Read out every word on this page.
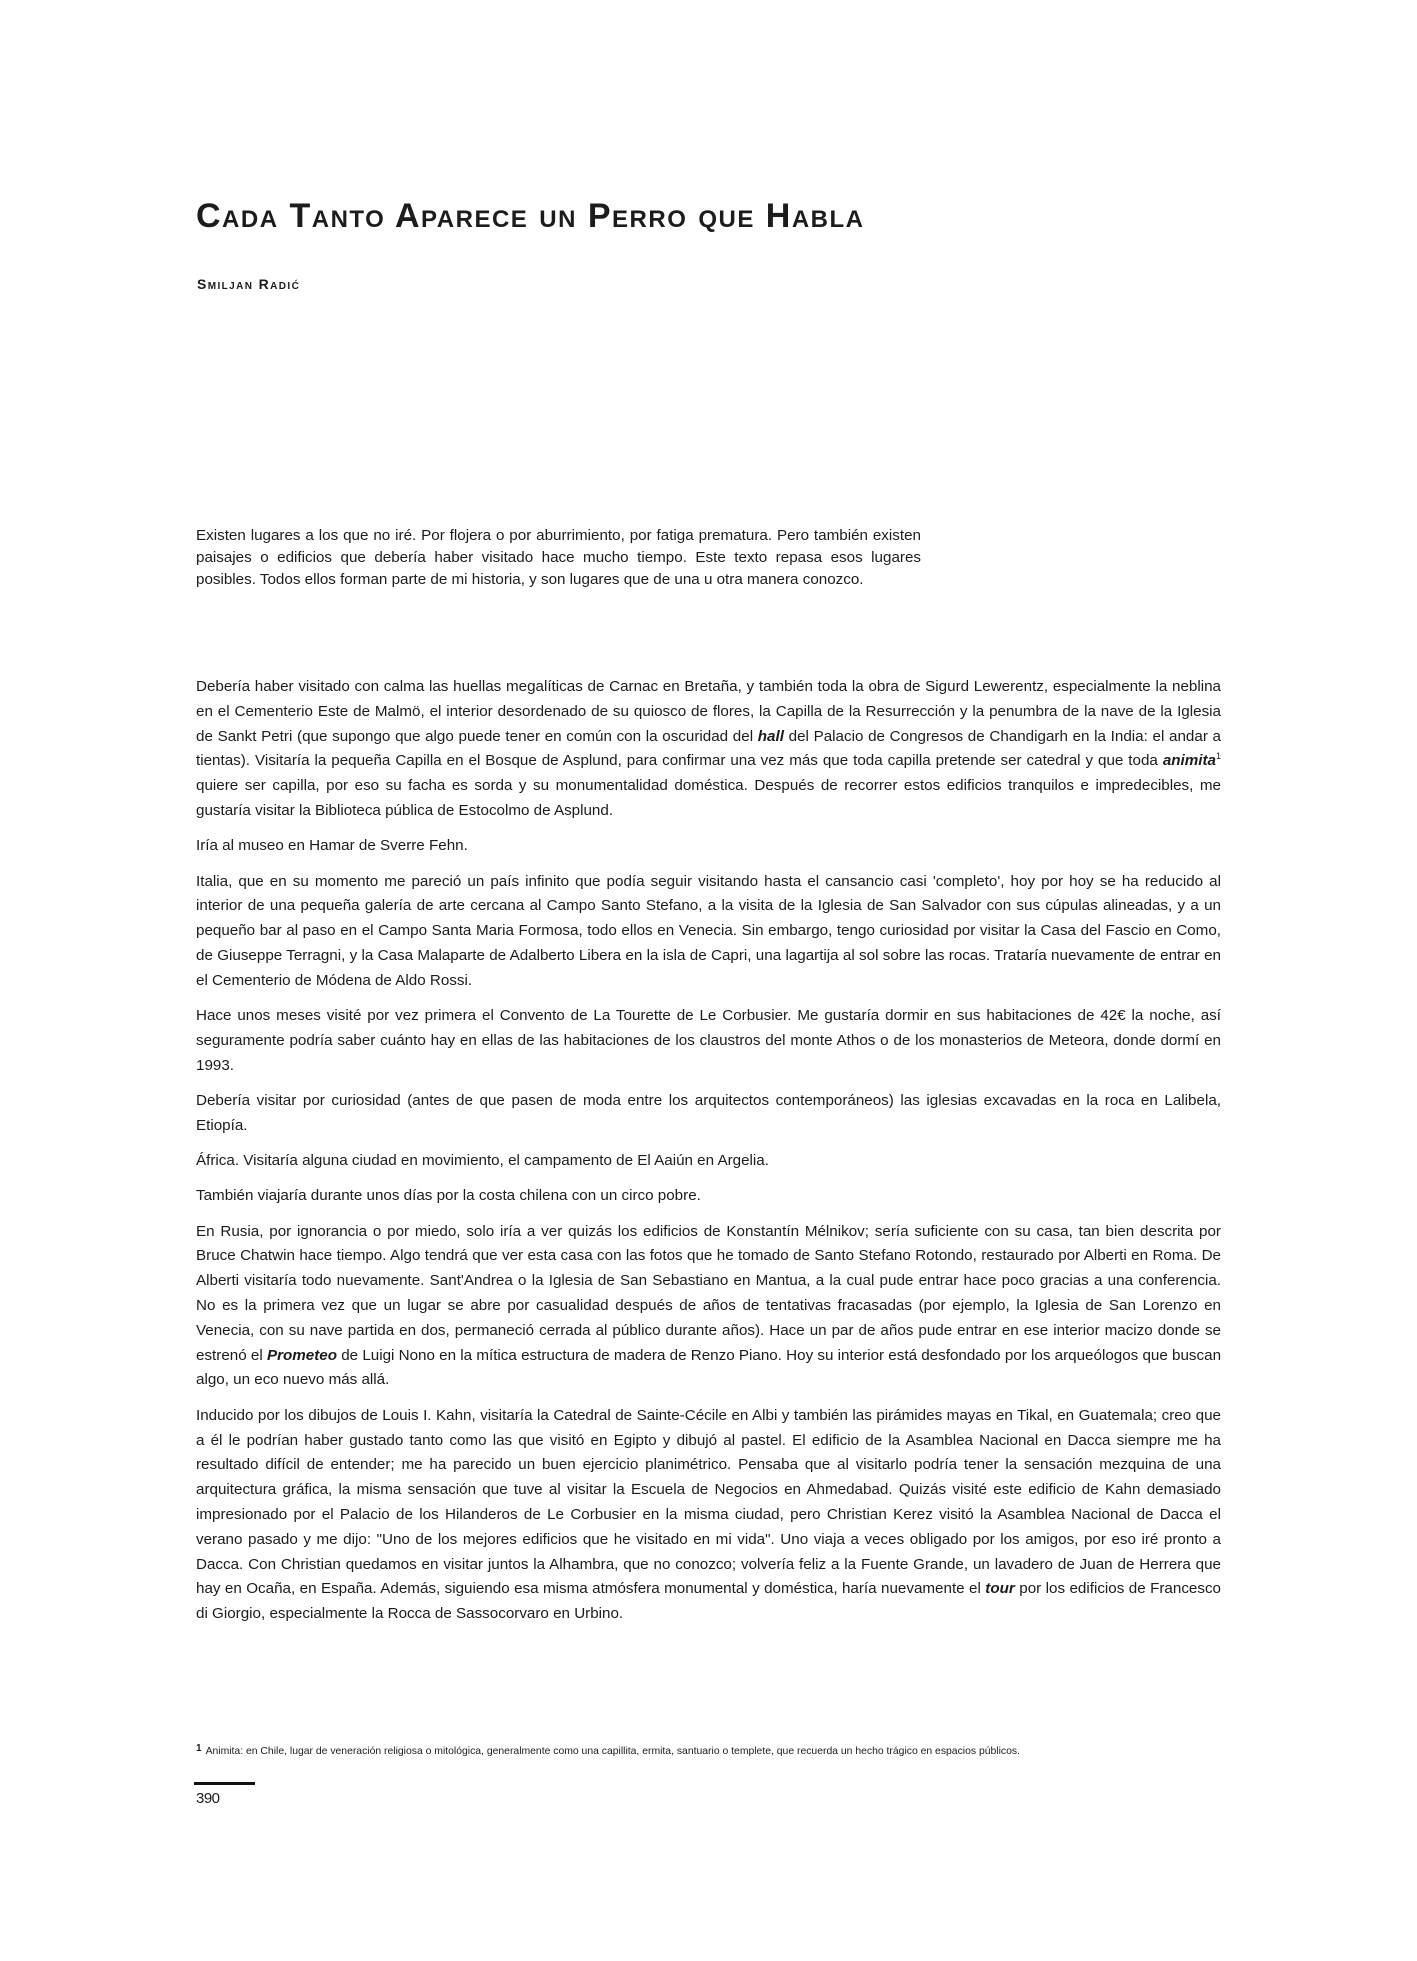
Cada Tanto Aparece un Perro que Habla
Smiljan Radić

Existen lugares a los que no iré. Por flojera o por aburrimiento, por fatiga prematura. Pero también existen paisajes o edificios que debería haber visitado hace mucho tiempo. Este texto repasa esos lugares posibles. Todos ellos forman parte de mi historia, y son lugares que de una u otra manera conozco.

Debería haber visitado con calma las huellas megalíticas de Carnac en Bretaña, y también toda la obra de Sigurd Lewerentz, especialmente la neblina en el Cementerio Este de Malmö, el interior desordenado de su quiosco de flores, la Capilla de la Resurrección y la penumbra de la nave de la Iglesia de Sankt Petri (que supongo que algo puede tener en común con la oscuridad del hall del Palacio de Congresos de Chandigarh en la India: el andar a tientas). Visitaría la pequeña Capilla en el Bosque de Asplund, para confirmar una vez más que toda capilla pretende ser catedral y que toda animita$^1$ quiere ser capilla, por eso su facha es sorda y su monumentalidad doméstica. Después de recorrer estos edificios tranquilos e impredecibles, me gustaría visitar la Biblioteca pública de Estocolmo de Asplund.

Iría al museo en Hamar de Sverre Fehn.

Italia, que en su momento me pareció un país infinito que podía seguir visitando hasta el cansancio casi 'completo', hoy por hoy se ha reducido al interior de una pequeña galería de arte cercana al Campo Santo Stefano, a la visita de la Iglesia de San Salvador con sus cúpulas alineadas, y a un pequeño bar al paso en el Campo Santa Maria Formosa, todo ellos en Venecia. Sin embargo, tengo curiosidad por visitar la Casa del Fascio en Como, de Giuseppe Terragni, y la Casa Malaparte de Adalberto Libera en la isla de Capri, una lagartija al sol sobre las rocas. Trataría nuevamente de entrar en el Cementerio de Módena de Aldo Rossi.

Hace unos meses visité por vez primera el Convento de La Tourette de Le Corbusier. Me gustaría dormir en sus habitaciones de 42€ la noche, así seguramente podría saber cuánto hay en ellas de las habitaciones de los claustros del monte Athos o de los monasterios de Meteora, donde dormí en 1993.

Debería visitar por curiosidad (antes de que pasen de moda entre los arquitectos contemporáneos) las iglesias excavadas en la roca en Lalibela, Etiopía.

África. Visitaría alguna ciudad en movimiento, el campamento de El Aaiún en Argelia.

También viajaría durante unos días por la costa chilena con un circo pobre.

En Rusia, por ignorancia o por miedo, solo iría a ver quizás los edificios de Konstantín Mélnikov; sería suficiente con su casa, tan bien descrita por Bruce Chatwin hace tiempo. Algo tendrá que ver esta casa con las fotos que he tomado de Santo Stefano Rotondo, restaurado por Alberti en Roma. De Alberti visitaría todo nuevamente. Sant'Andrea o la Iglesia de San Sebastiano en Mantua, a la cual pude entrar hace poco gracias a una conferencia. No es la primera vez que un lugar se abre por casualidad después de años de tentativas fracasadas (por ejemplo, la Iglesia de San Lorenzo en Venecia, con su nave partida en dos, permaneció cerrada al público durante años). Hace un par de años pude entrar en ese interior macizo donde se estrenó el Prometeo de Luigi Nono en la mítica estructura de madera de Renzo Piano. Hoy su interior está desfondado por los arqueólogos que buscan algo, un eco nuevo más allá.

Inducido por los dibujos de Louis I. Kahn, visitaría la Catedral de Sainte-Cécile en Albi y también las pirámides mayas en Tikal, en Guatemala; creo que a él le podrían haber gustado tanto como las que visitó en Egipto y dibujó al pastel. El edificio de la Asamblea Nacional en Dacca siempre me ha resultado difícil de entender; me ha parecido un buen ejercicio planimétrico. Pensaba que al visitarlo podría tener la sensación mezquina de una arquitectura gráfica, la misma sensación que tuve al visitar la Escuela de Negocios en Ahmedabad. Quizás visité este edificio de Kahn demasiado impresionado por el Palacio de los Hilanderos de Le Corbusier en la misma ciudad, pero Christian Kerez visitó la Asamblea Nacional de Dacca el verano pasado y me dijo: "Uno de los mejores edificios que he visitado en mi vida". Uno viaja a veces obligado por los amigos, por eso iré pronto a Dacca. Con Christian quedamos en visitar juntos la Alhambra, que no conozco; volvería feliz a la Fuente Grande, un lavadero de Juan de Herrera que hay en Ocaña, en España. Además, siguiendo esa misma atmósfera monumental y doméstica, haría nuevamente el tour por los edificios de Francesco di Giorgio, especialmente la Rocca de Sassocorvaro en Urbino.

1 Animita: en Chile, lugar de veneración religiosa o mitológica, generalmente como una capillita, ermita, santuario o templete, que recuerda un hecho trágico en espacios públicos.
390
